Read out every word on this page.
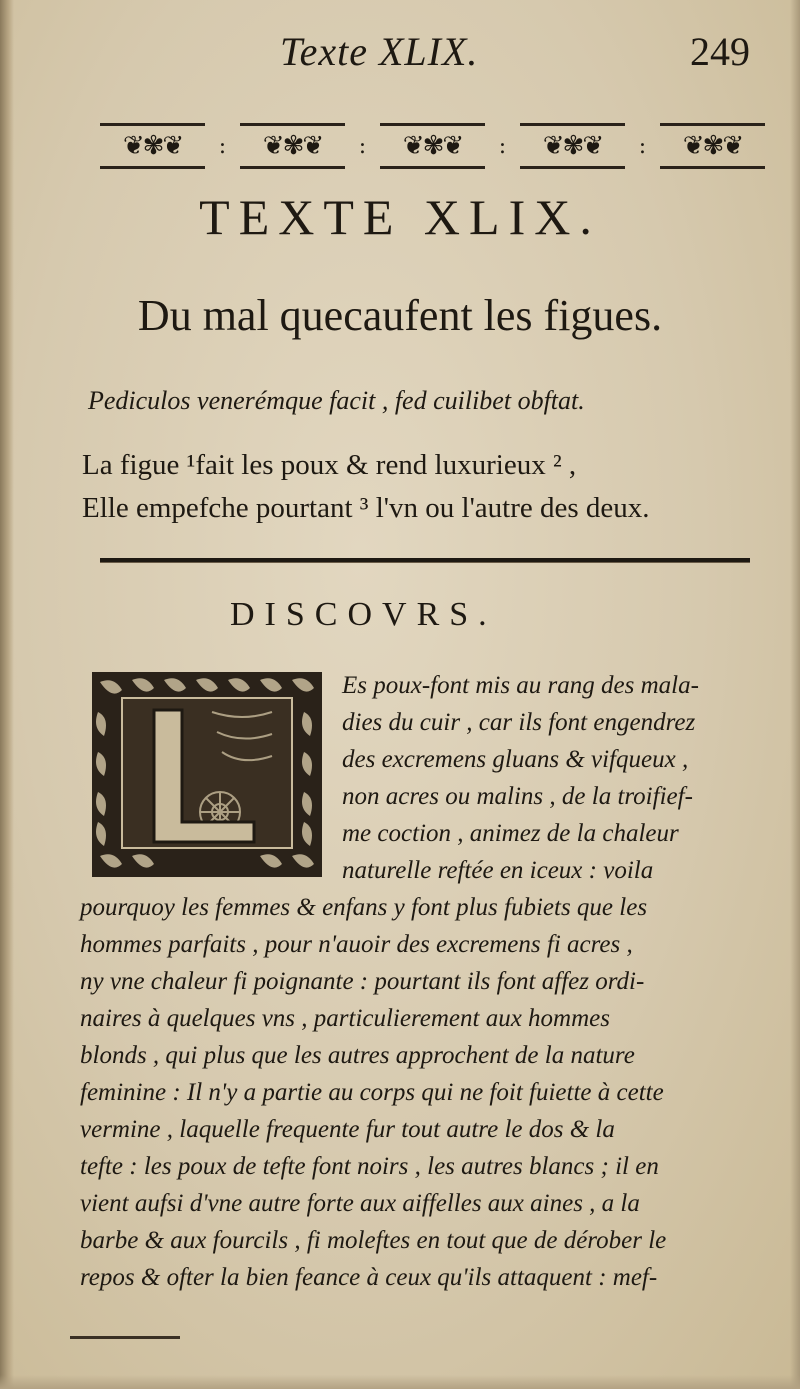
Texte XLIX.	249
❦✾❦	:	❦✾❦	:	❦✾❦	:	❦✾❦	:	❦✾❦
TEXTE XLIX.
Du mal quecaufent les figues.
Pediculos venerémque facit , fed cuilibet obftat.
La figue ¹fait les poux & rend luxurieux ² ,
Elle empefche pourtant ³ l'vn ou l'autre des deux.
DISCOVRS.
Es poux-font mis au rang des mala-
dies du cuir , car ils font engendrez
des excremens gluans & vifqueux ,
non acres ou malins , de la troifief-
me coction , animez de la chaleur
naturelle reftée en iceux : voila
pourquoy les femmes & enfans y font plus fubiets que les
hommes parfaits , pour n'auoir des excremens fi acres ,
ny vne chaleur fi poignante : pourtant ils font affez ordi-
naires à quelques vns , particulierement aux hommes
blonds , qui plus que les autres approchent de la nature
feminine : Il n'y a partie au corps qui ne foit fuiette à cette
vermine , laquelle frequente fur tout autre le dos & la
tefte : les poux de tefte font noirs , les autres blancs ; il en
vient aufsi d'vne autre forte aux aiffelles aux aines , a la
barbe & aux fourcils , fi moleftes en tout que de dérober le
repos & ofter la bien feance à ceux qu'ils attaquent : mef-
